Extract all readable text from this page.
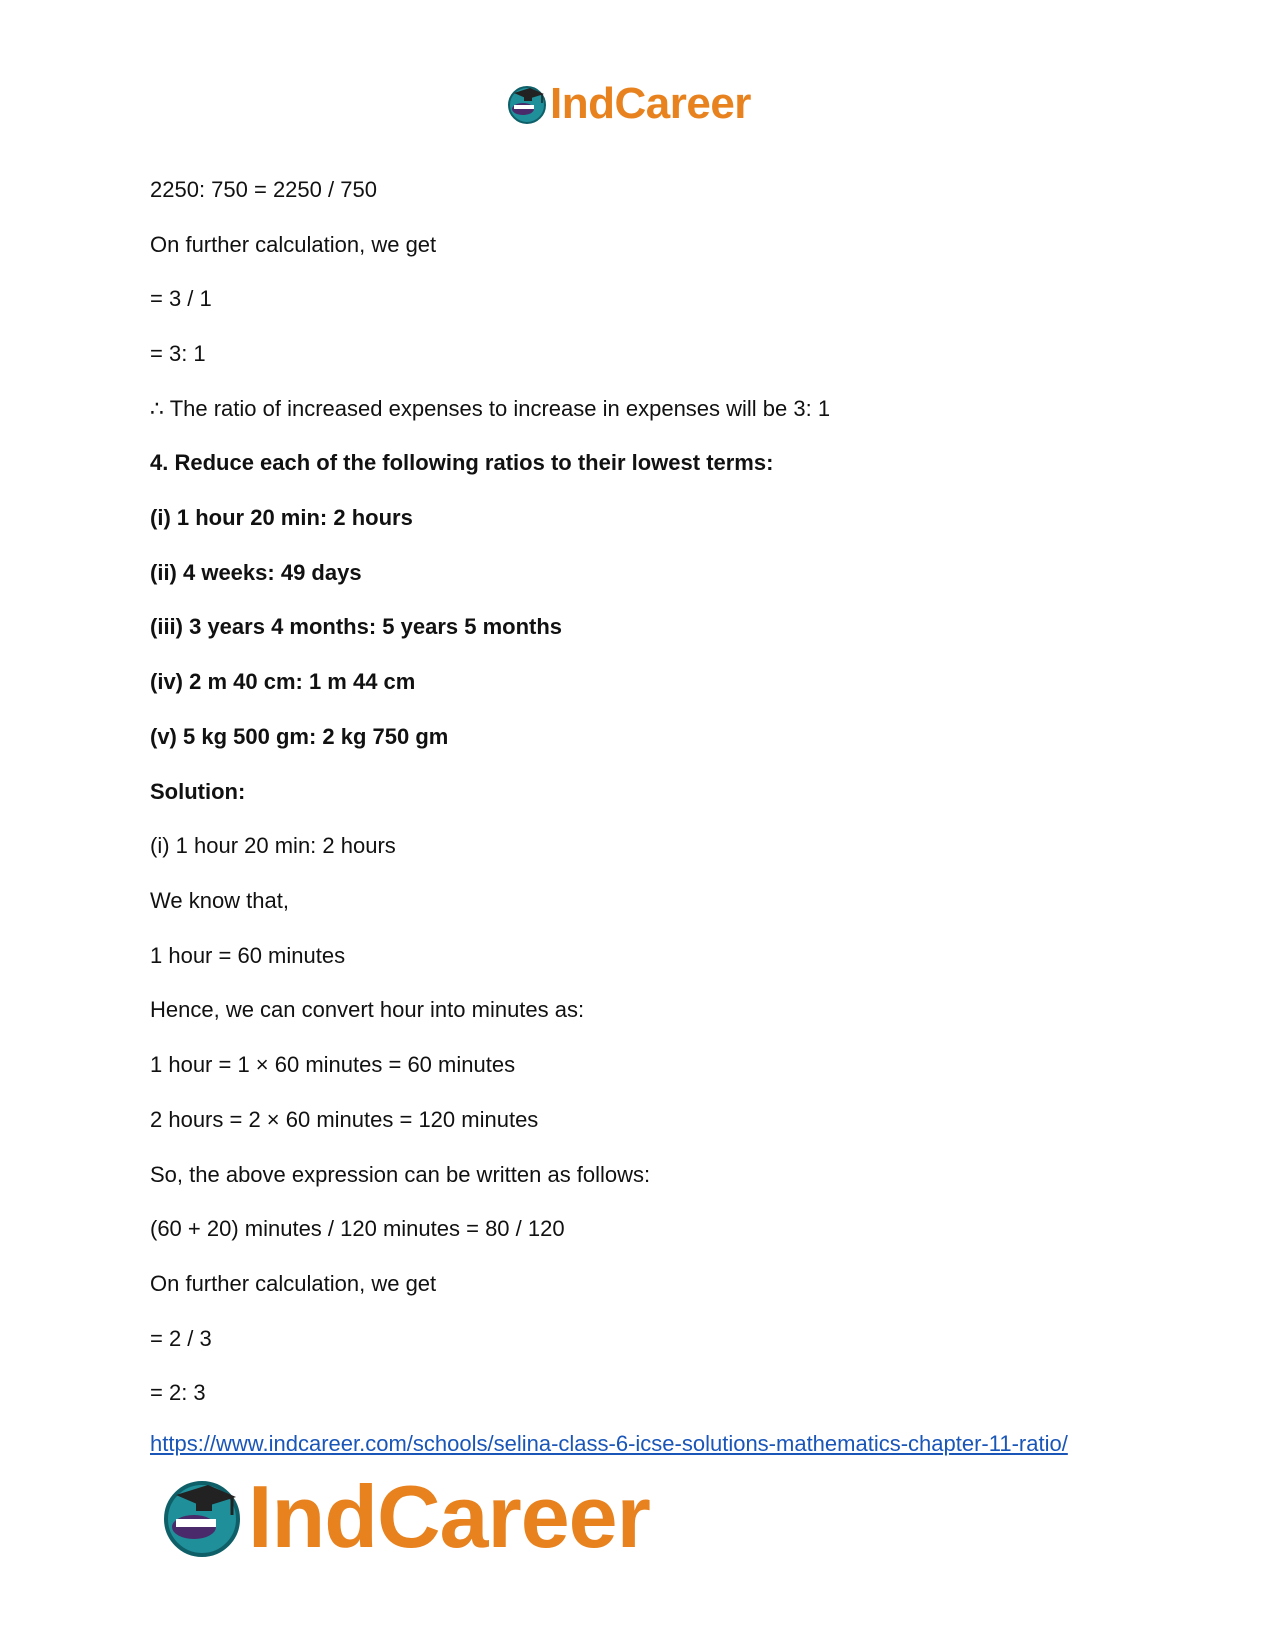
IndCareer
2250: 750 = 2250 / 750
On further calculation, we get
= 3 / 1
= 3: 1
∴ The ratio of increased expenses to increase in expenses will be 3: 1
4. Reduce each of the following ratios to their lowest terms:
(i) 1 hour 20 min: 2 hours
(ii) 4 weeks: 49 days
(iii) 3 years 4 months: 5 years 5 months
(iv) 2 m 40 cm: 1 m 44 cm
(v) 5 kg 500 gm: 2 kg 750 gm
Solution:
(i) 1 hour 20 min: 2 hours
We know that,
1 hour = 60 minutes
Hence, we can convert hour into minutes as:
1 hour = 1 × 60 minutes = 60 minutes
2 hours = 2 × 60 minutes = 120 minutes
So, the above expression can be written as follows:
(60 + 20) minutes / 120 minutes = 80 / 120
On further calculation, we get
= 2 / 3
= 2: 3
https://www.indcareer.com/schools/selina-class-6-icse-solutions-mathematics-chapter-11-ratio/
IndCareer
